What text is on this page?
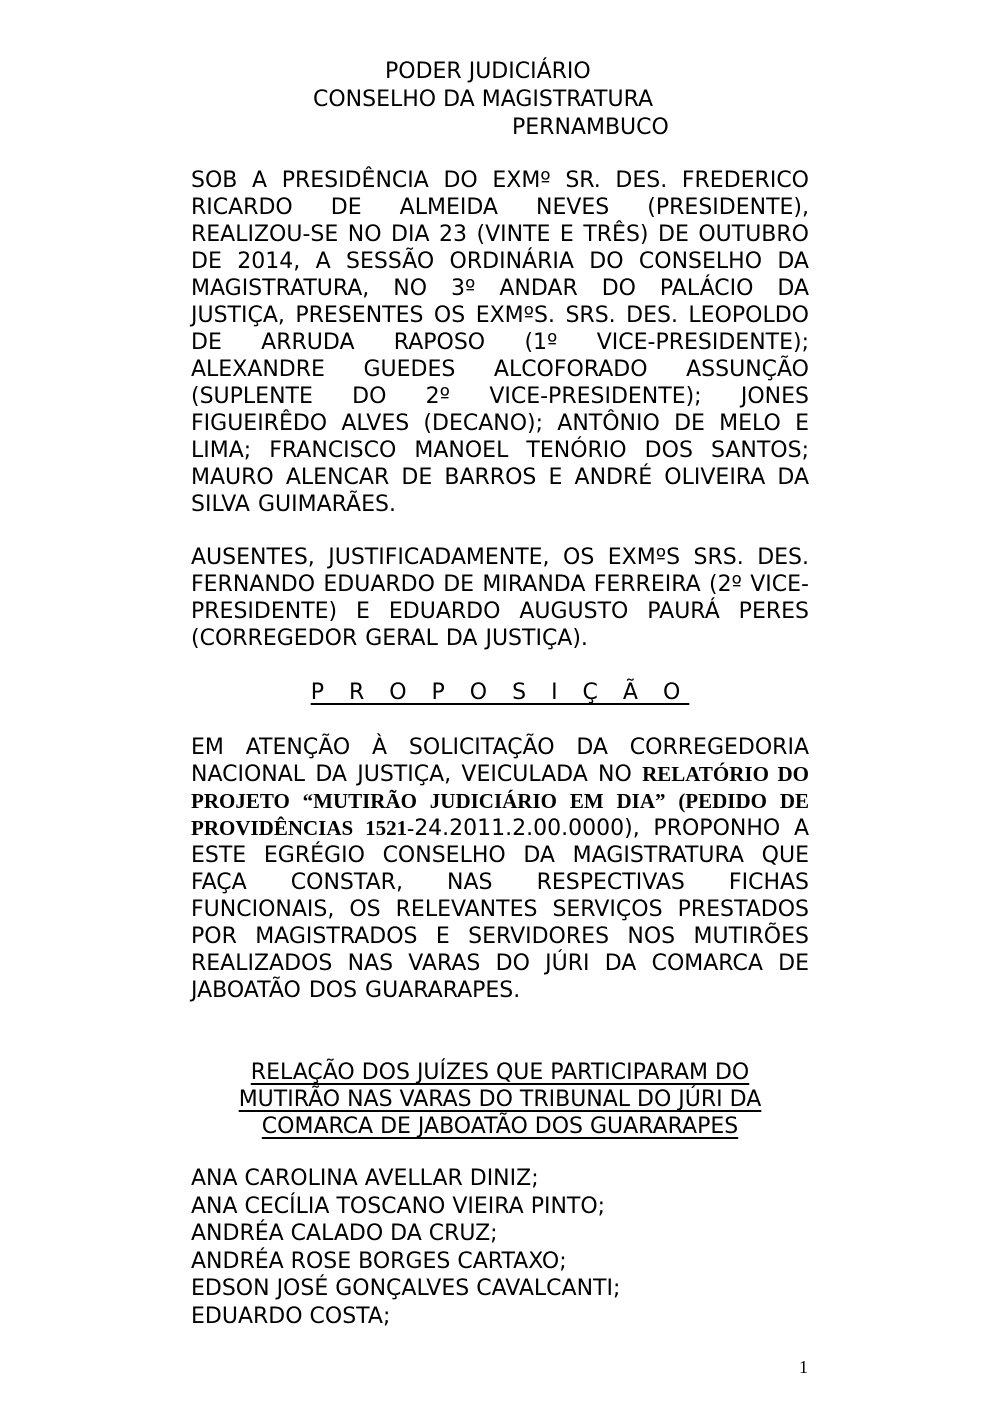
PODER JUDICIÁRIO
CONSELHO DA MAGISTRATURA
PERNAMBUCO
SOB A PRESIDÊNCIA DO EXMº SR. DES. FREDERICO RICARDO DE ALMEIDA NEVES (PRESIDENTE), REALIZOU-SE NO DIA 23 (VINTE E TRÊS) DE OUTUBRO DE 2014, A SESSÃO ORDINÁRIA DO CONSELHO DA MAGISTRATURA, NO 3º ANDAR DO PALÁCIO DA JUSTIÇA, PRESENTES OS EXMºS. SRS. DES. LEOPOLDO DE ARRUDA RAPOSO (1º VICE-PRESIDENTE); ALEXANDRE GUEDES ALCOFORADO ASSUNÇÃO (SUPLENTE DO 2º VICE-PRESIDENTE); JONES FIGUEIRÊDO ALVES (DECANO); ANTÔNIO DE MELO E LIMA; FRANCISCO MANOEL TENÓRIO DOS SANTOS; MAURO ALENCAR DE BARROS E ANDRÉ OLIVEIRA DA SILVA GUIMARÃES.
AUSENTES, JUSTIFICADAMENTE, OS EXMºS SRS. DES. FERNANDO EDUARDO DE MIRANDA FERREIRA (2º VICE-PRESIDENTE) E EDUARDO AUGUSTO PAURÁ PERES (CORREGEDOR GERAL DA JUSTIÇA).
P R O P O S I Ç Ã O
EM ATENÇÃO À SOLICITAÇÃO DA CORREGEDORIA NACIONAL DA JUSTIÇA, VEICULADA NO RELATÓRIO DO PROJETO “MUTIRÃO JUDICIÁRIO EM DIA” (PEDIDO DE PROVIDÊNCIAS 1521-24.2011.2.00.0000), PROPONHO A ESTE EGRÉGIO CONSELHO DA MAGISTRATURA QUE FAÇA CONSTAR, NAS RESPECTIVAS FICHAS FUNCIONAIS, OS RELEVANTES SERVIÇOS PRESTADOS POR MAGISTRADOS E SERVIDORES NOS MUTIRÕES REALIZADOS NAS VARAS DO JÚRI DA COMARCA DE JABOATÃO DOS GUARARAPES.
RELAÇÃO DOS JUÍZES QUE PARTICIPARAM DO
MUTIRÃO NAS VARAS DO TRIBUNAL DO JÚRI DA
COMARCA DE JABOATÃO DOS GUARARAPES
ANA CAROLINA AVELLAR DINIZ;
ANA CECÍLIA TOSCANO VIEIRA PINTO;
ANDRÉA CALADO DA CRUZ;
ANDRÉA ROSE BORGES CARTAXO;
EDSON JOSÉ GONÇALVES CAVALCANTI;
EDUARDO COSTA;
1
